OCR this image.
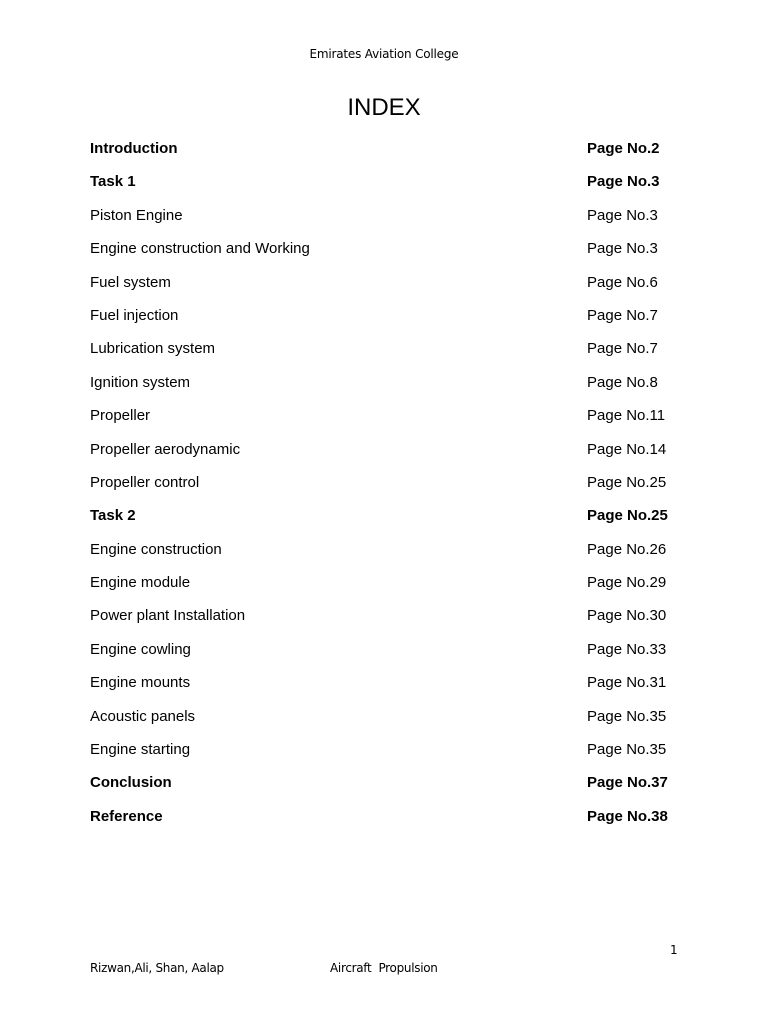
Emirates Aviation College
INDEX
Introduction	Page No.2
Task 1	Page No.3
Piston Engine	Page No.3
Engine construction and Working	Page No.3
Fuel system	Page No.6
Fuel injection	Page No.7
Lubrication system	Page No.7
Ignition system	Page No.8
Propeller	Page No.11
Propeller aerodynamic	Page No.14
Propeller control	Page No.25
Task 2	Page No.25
Engine construction	Page No.26
Engine module	Page No.29
Power plant Installation	Page No.30
Engine cowling	Page No.33
Engine mounts	Page No.31
Acoustic panels	Page No.35
Engine starting	Page No.35
Conclusion	Page No.37
Reference	Page No.38
1
Rizwan,Ali, Shan, Aalap	Aircraft  Propulsion
